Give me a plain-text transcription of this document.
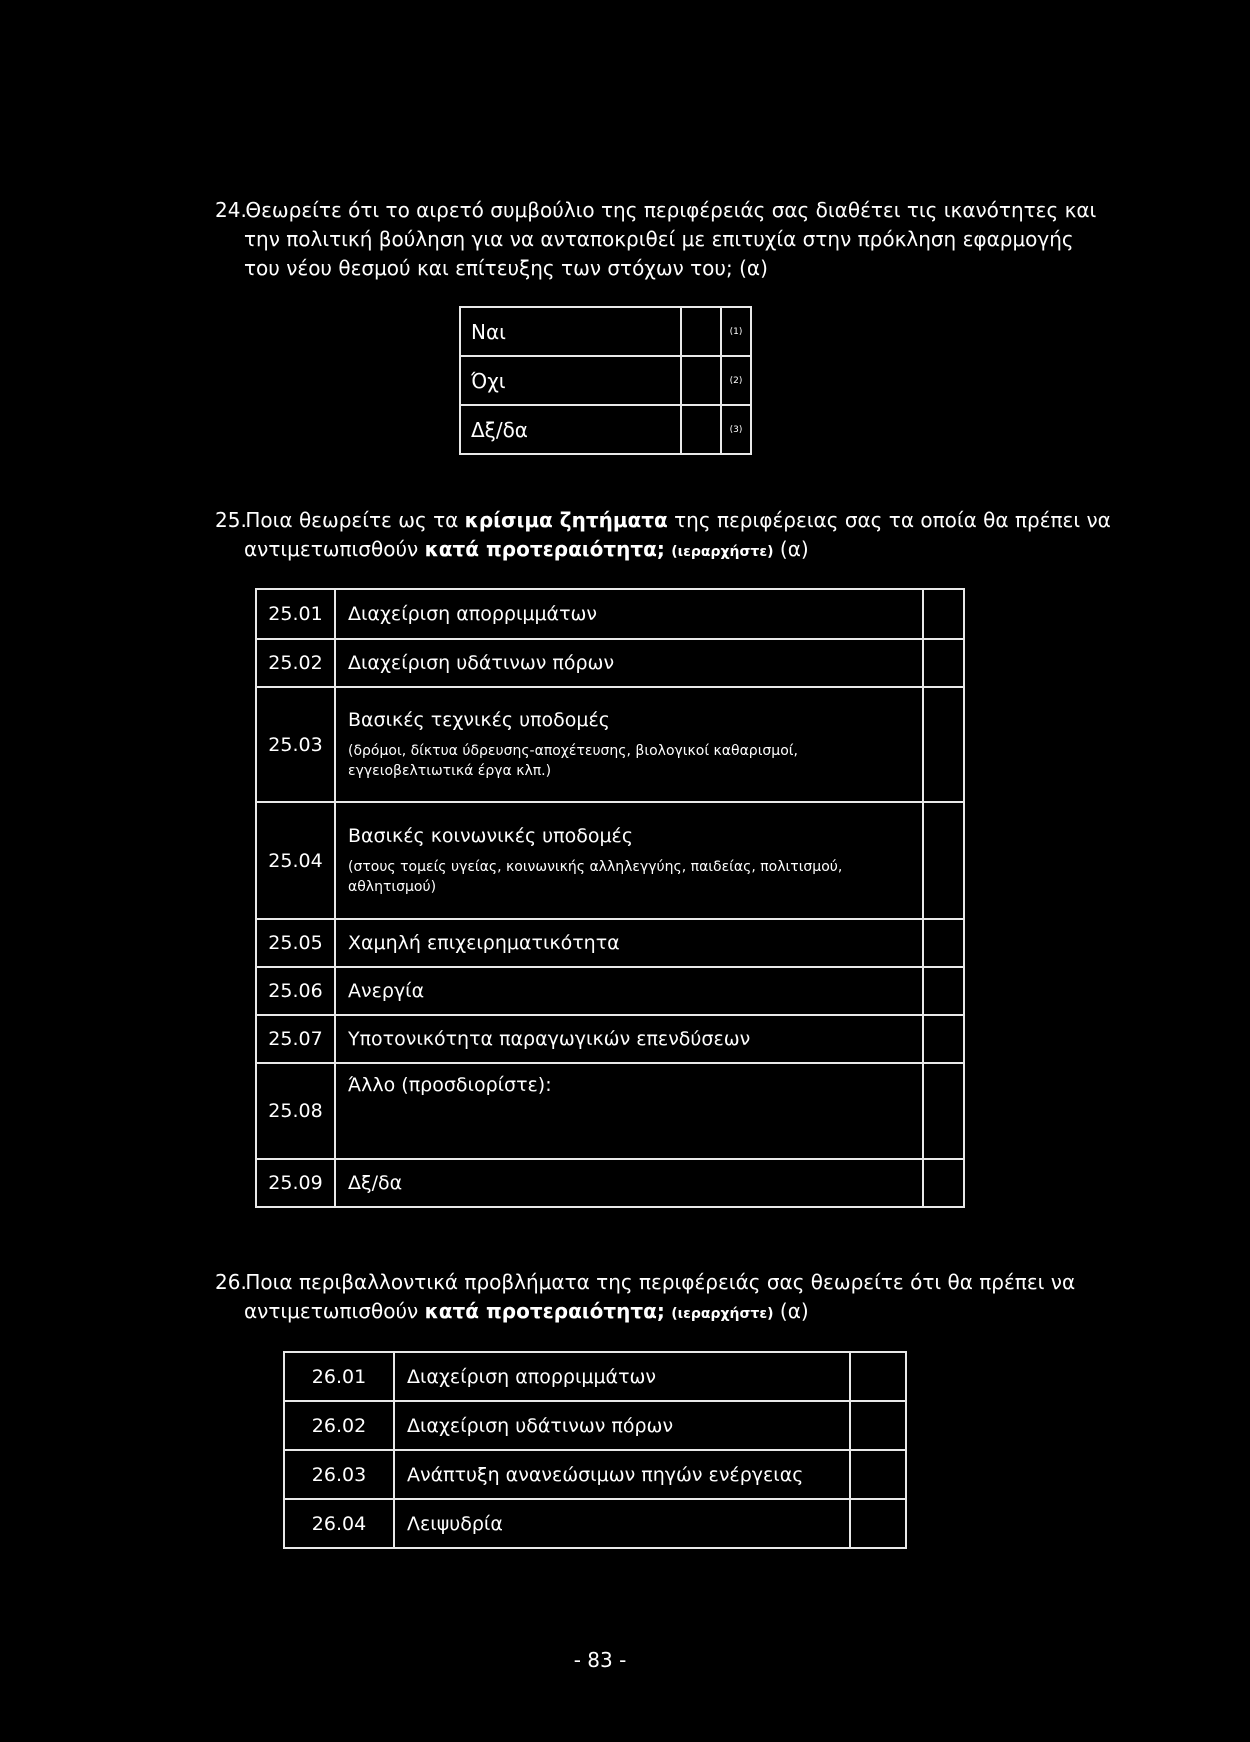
24. Θεωρείτε ότι το αιρετό συμβούλιο της περιφέρειάς σας διαθέτει τις ικανότητες και
την πολιτική βούληση για να ανταποκριθεί με επιτυχία στην πρόκληση εφαρμογής
του νέου θεσμού και επίτευξης των στόχων του; (α)
Ναι		(1)
Όχι		(2)
Δξ/δα		(3)
25. Ποια θεωρείτε ως τα κρίσιμα ζητήματα της περιφέρειας σας τα οποία θα πρέπει να
αντιμετωπισθούν κατά προτεραιότητα; (ιεραρχήστε) (α)
25.01	Διαχείριση απορριμμάτων	
25.02	Διαχείριση υδάτινων πόρων	
25.03	Βασικές τεχνικές υποδομές
(δρόμοι, δίκτυα ύδρευσης-αποχέτευσης, βιολογικοί καθαρισμοί, εγγειοβελτιωτικά έργα κλπ.)	

25.04	Βασικές κοινωνικές υποδομές
(στους τομείς υγείας, κοινωνικής αλληλεγγύης, παιδείας, πολιτισμού, αθλητισμού)	

25.05	Χαμηλή επιχειρηματικότητα	
25.06	Ανεργία	
25.07	Υποτονικότητα παραγωγικών επενδύσεων	
25.08	Άλλο (προσδιορίστε):	
25.09	Δξ/δα	
26. Ποια περιβαλλοντικά προβλήματα της περιφέρειάς σας θεωρείτε ότι θα πρέπει να
αντιμετωπισθούν κατά προτεραιότητα; (ιεραρχήστε) (α)
26.01	Διαχείριση απορριμμάτων	
26.02	Διαχείριση υδάτινων πόρων	
26.03	Ανάπτυξη ανανεώσιμων πηγών ενέργειας	
26.04	Λειψυδρία	
- 83 -
